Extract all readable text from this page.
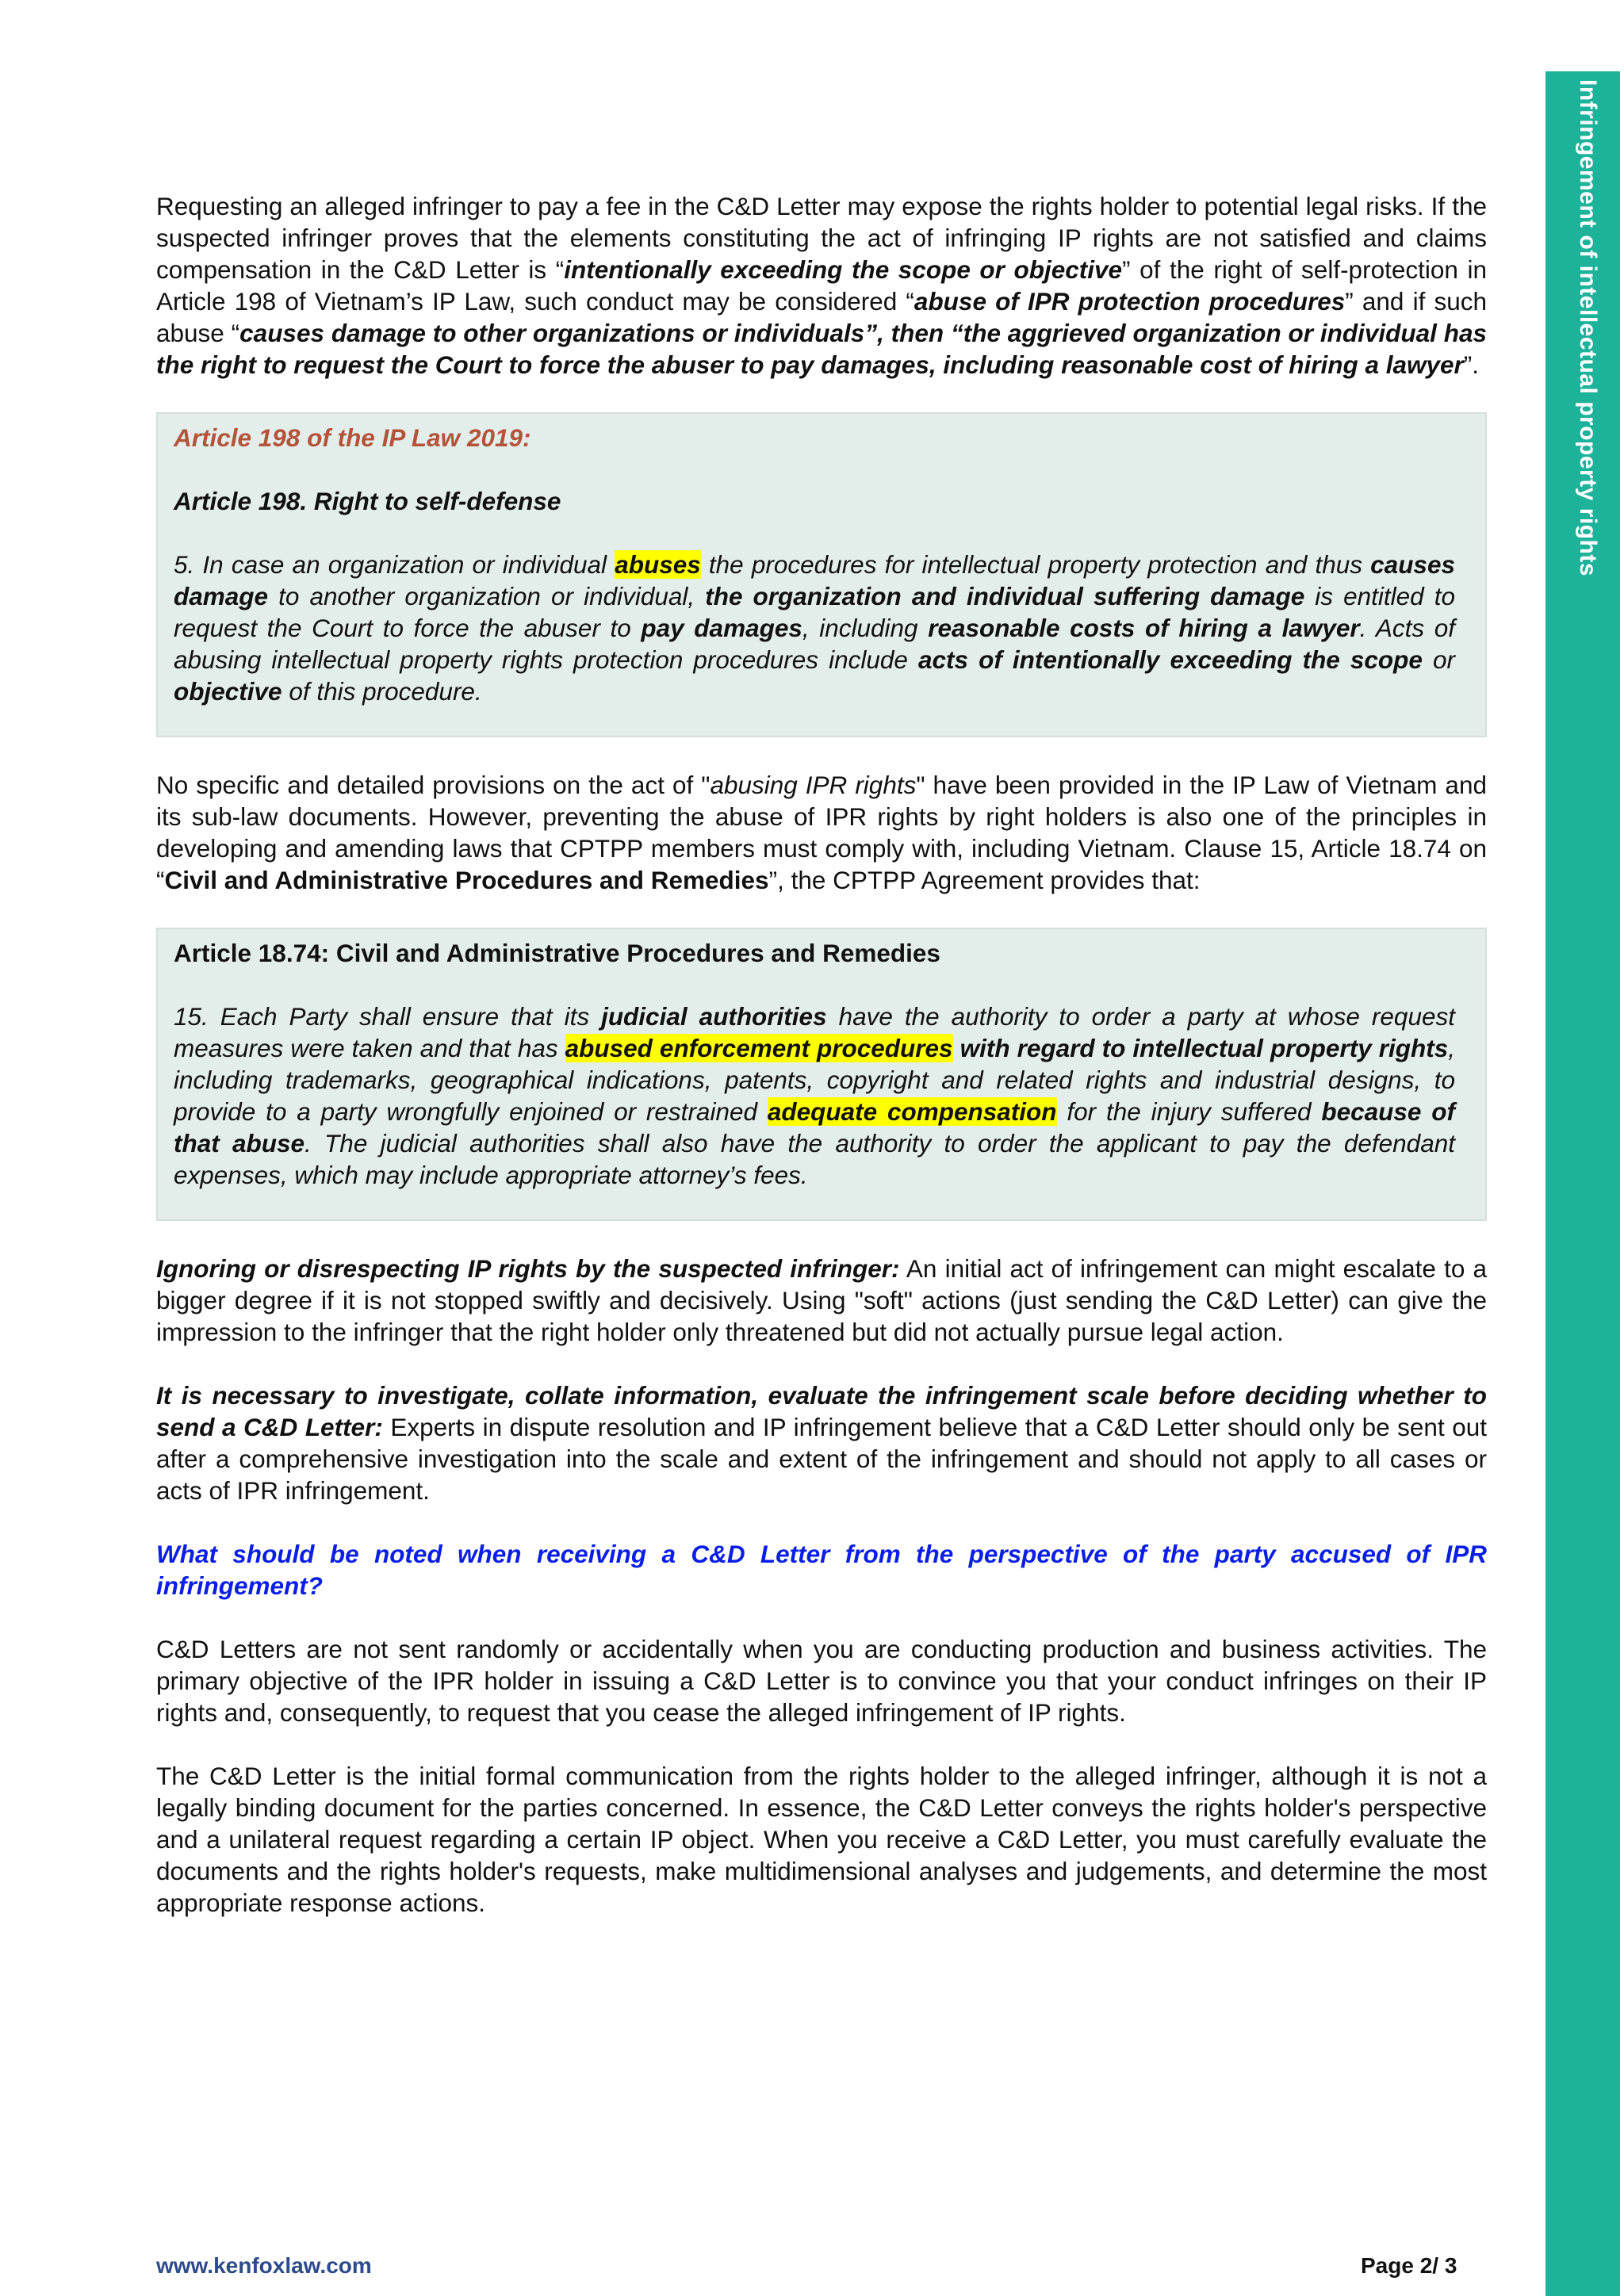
Infringement of intellectual property rights

Requesting an alleged infringer to pay a fee in the C&D Letter may expose the rights holder to potential legal risks. If the suspected infringer proves that the elements constituting the act of infringing IP rights are not satisfied and claims compensation in the C&D Letter is “intentionally exceeding the scope or objective” of the right of self-protection in Article 198 of Vietnam’s IP Law, such conduct may be considered “abuse of IPR protection procedures” and if such abuse “causes damage to other organizations or individuals”, then “the aggrieved organization or individual has the right to request the Court to force the abuser to pay damages, including reasonable cost of hiring a lawyer”.

Article 198 of the IP Law 2019:

Article 198. Right to self-defense

5. In case an organization or individual abuses the procedures for intellectual property protection and thus causes damage to another organization or individual, the organization and individual suffering damage is entitled to request the Court to force the abuser to pay damages, including reasonable costs of hiring a lawyer. Acts of abusing intellectual property rights protection procedures include acts of intentionally exceeding the scope or objective of this procedure.

No specific and detailed provisions on the act of "abusing IPR rights" have been provided in the IP Law of Vietnam and its sub-law documents. However, preventing the abuse of IPR rights by right holders is also one of the principles in developing and amending laws that CPTPP members must comply with, including Vietnam. Clause 15, Article 18.74 on “Civil and Administrative Procedures and Remedies”, the CPTPP Agreement provides that:

Article 18.74: Civil and Administrative Procedures and Remedies

15. Each Party shall ensure that its judicial authorities have the authority to order a party at whose request measures were taken and that has abused enforcement procedures with regard to intellectual property rights, including trademarks, geographical indications, patents, copyright and related rights and industrial designs, to provide to a party wrongfully enjoined or restrained adequate compensation for the injury suffered because of that abuse. The judicial authorities shall also have the authority to order the applicant to pay the defendant expenses, which may include appropriate attorney’s fees.

Ignoring or disrespecting IP rights by the suspected infringer: An initial act of infringement can might escalate to a bigger degree if it is not stopped swiftly and decisively. Using "soft" actions (just sending the C&D Letter) can give the impression to the infringer that the right holder only threatened but did not actually pursue legal action.

It is necessary to investigate, collate information, evaluate the infringement scale before deciding whether to send a C&D Letter: Experts in dispute resolution and IP infringement believe that a C&D Letter should only be sent out after a comprehensive investigation into the scale and extent of the infringement and should not apply to all cases or acts of IPR infringement.

What should be noted when receiving a C&D Letter from the perspective of the party accused of IPR infringement?

C&D Letters are not sent randomly or accidentally when you are conducting production and business activities. The primary objective of the IPR holder in issuing a C&D Letter is to convince you that your conduct infringes on their IP rights and, consequently, to request that you cease the alleged infringement of IP rights.

The C&D Letter is the initial formal communication from the rights holder to the alleged infringer, although it is not a legally binding document for the parties concerned. In essence, the C&D Letter conveys the rights holder's perspective and a unilateral request regarding a certain IP object. When you receive a C&D Letter, you must carefully evaluate the documents and the rights holder's requests, make multidimensional analyses and judgements, and determine the most appropriate response actions.

www.kenfoxlaw.com	Page 2/ 3
